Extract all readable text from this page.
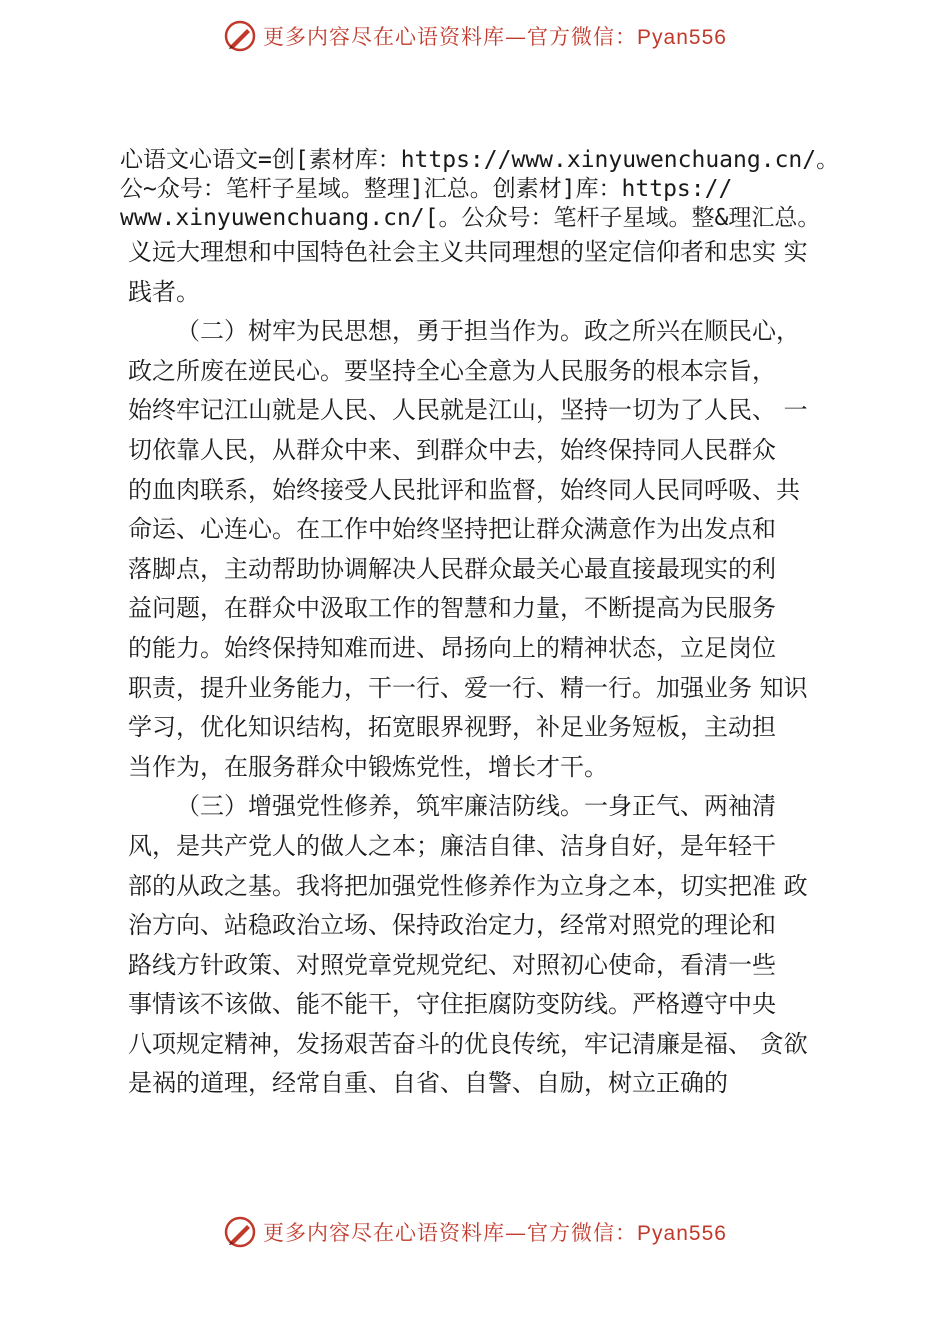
更多内容尽在心语资料库—官方微信：Pyan556
心语文心语文=创[素材库：https://www.xinyuwenchuang.cn/。
公~众号：笔杆子星域。整理]汇总。创素材]库：https://
www.xinyuwenchuang.cn/[。公众号：笔杆子星域。整&理汇总。
义远大理想和中国特色社会主义共同理想的坚定信仰者和忠实 实
践者。
（二）树牢为民思想，勇于担当作为。政之所兴在顺民心，
政之所废在逆民心。要坚持全心全意为人民服务的根本宗旨，
始终牢记江山就是人民、人民就是江山，坚持一切为了人民、 一
切依靠人民，从群众中来、到群众中去，始终保持同人民群众
的血肉联系，始终接受人民批评和监督，始终同人民同呼吸、共
命运、心连心。在工作中始终坚持把让群众满意作为出发点和
落脚点，主动帮助协调解决人民群众最关心最直接最现实的利
益问题，在群众中汲取工作的智慧和力量，不断提高为民服务
的能力。始终保持知难而进、昂扬向上的精神状态，立足岗位
职责，提升业务能力，干一行、爱一行、精一行。加强业务 知识
学习，优化知识结构，拓宽眼界视野，补足业务短板，主动担
当作为，在服务群众中锻炼党性，增长才干。
（三）增强党性修养，筑牢廉洁防线。一身正气、两袖清
风，是共产党人的做人之本；廉洁自律、洁身自好，是年轻干
部的从政之基。我将把加强党性修养作为立身之本，切实把准 政
治方向、站稳政治立场、保持政治定力，经常对照党的理论和
路线方针政策、对照党章党规党纪、对照初心使命，看清一些
事情该不该做、能不能干，守住拒腐防变防线。严格遵守中央
八项规定精神，发扬艰苦奋斗的优良传统，牢记清廉是福、 贪欲
是祸的道理，经常自重、自省、自警、自励，树立正确的
更多内容尽在心语资料库—官方微信：Pyan556
